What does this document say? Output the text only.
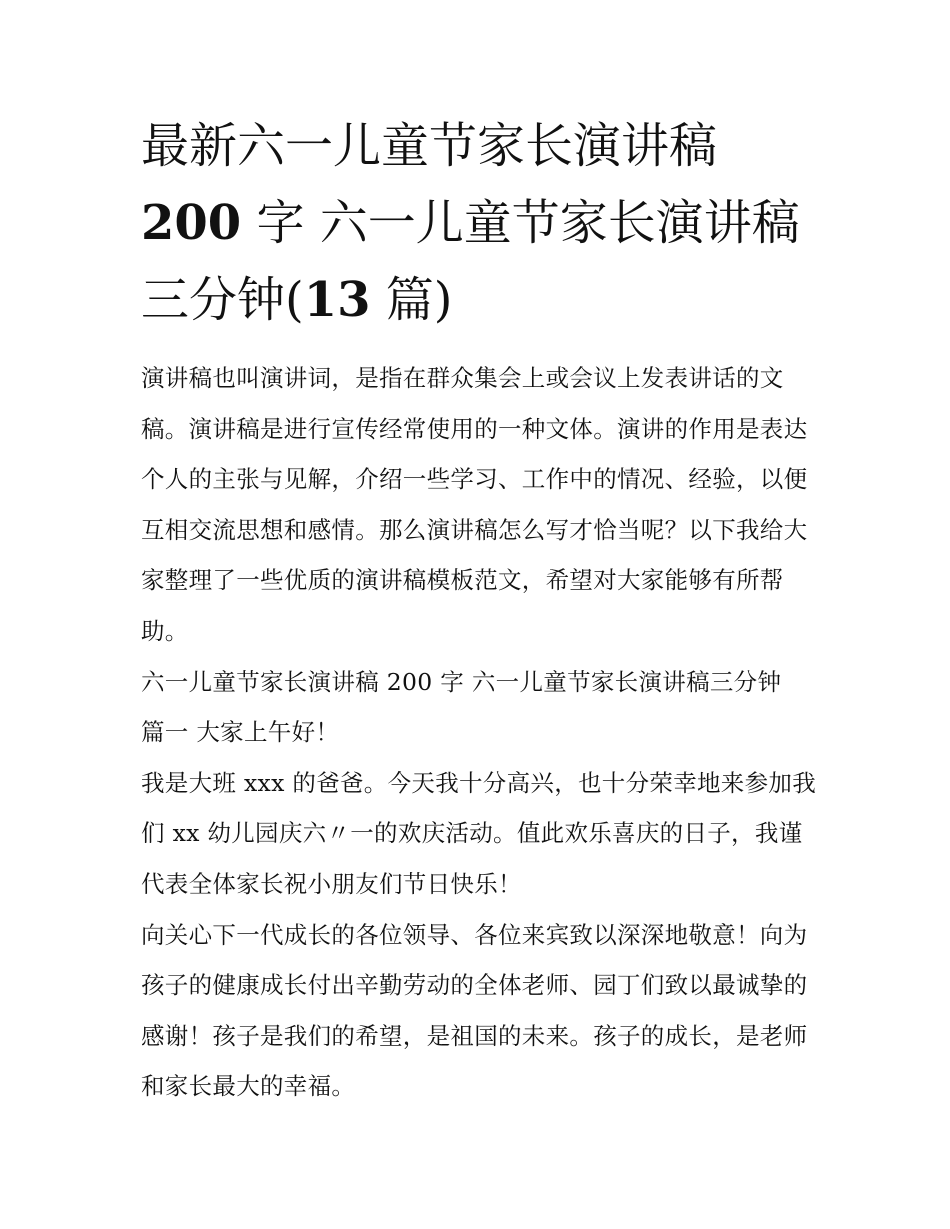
最新六一儿童节家长演讲稿
200 字 六一儿童节家长演讲稿
三分钟(13 篇)

演讲稿也叫演讲词，是指在群众集会上或会议上发表讲话的文稿。演讲稿是进行宣传经常使用的一种文体。演讲的作用是表达个人的主张与见解，介绍一些学习、工作中的情况、经验，以便互相交流思想和感情。那么演讲稿怎么写才恰当呢？以下我给大家整理了一些优质的演讲稿模板范文，希望对大家能够有所帮助。

六一儿童节家长演讲稿 200 字 六一儿童节家长演讲稿三分钟

篇一 大家上午好！

我是大班 xxx 的爸爸。今天我十分高兴，也十分荣幸地来参加我们 xx 幼儿园庆六〃一的欢庆活动。值此欢乐喜庆的日子，我谨代表全体家长祝小朋友们节日快乐！

向关心下一代成长的各位领导、各位来宾致以深深地敬意！向为孩子的健康成长付出辛勤劳动的全体老师、园丁们致以最诚挚的感谢！孩子是我们的希望，是祖国的未来。孩子的成长，是老师和家长最大的幸福。
